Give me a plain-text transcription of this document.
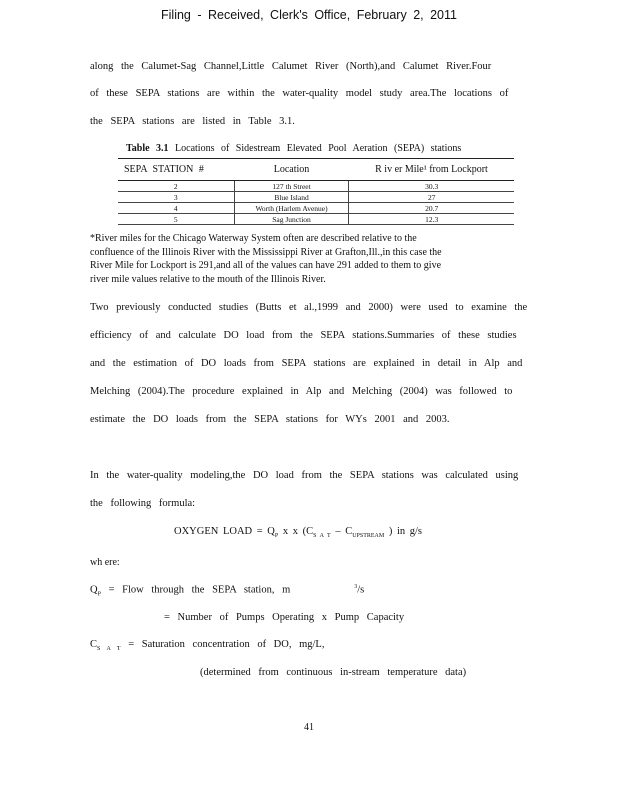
Filing - Received, Clerk's Office, February 2, 2011
along the Calumet-Sag Channel,Little Calumet River (North),and Calumet River.Four
of these SEPA stations are within the water-quality model study area.The locations of
the SEPA stations are listed in Table 3.1.
Table 3.1 Locations of Sidestream Elevated Pool Aeration (SEPA) stations
SEPA STATION #	Location	R iv er Mile¹ from Lockport
2	127 th Street	30.3
3	Blue Island	27
4	Worth (Harlem Avenue)	20.7
5	Sag Junction	12.3
*River miles for the Chicago Waterway System often are described relative to the
confluence of the Illinois River with the Mississippi River at Grafton,Ill.,in this case the
River Mile for Lockport is 291,and all of the values can have 291 added to them to give
river mile values relative to the mouth of the Illinois River.
Two previously conducted studies (Butts et al.,1999 and 2000) were used to examine the
efficiency of and calculate DO load from the SEPA stations.Summaries of these studies
and the estimation of DO loads from SEPA stations are explained in detail in Alp and
Melching (2004).The procedure explained in Alp and Melching (2004) was followed to
estimate the DO loads from the SEPA stations for WYs 2001 and 2003.
In the water-quality modeling,the DO load from the SEPA stations was calculated using
the following formula:
OXYGEN LOAD = $Q_P$ x x ($C_{S A T} - C_{UPSTREAM}$ ) in g/s
wh ere:
$Q_P$ = Flow through the SEPA station, m	$^3$/s
= Number of Pumps Operating x Pump Capacity
$C_{S A T}$ = Saturation concentration of DO, mg/L,
(determined from continuous in-stream temperature data)
41
